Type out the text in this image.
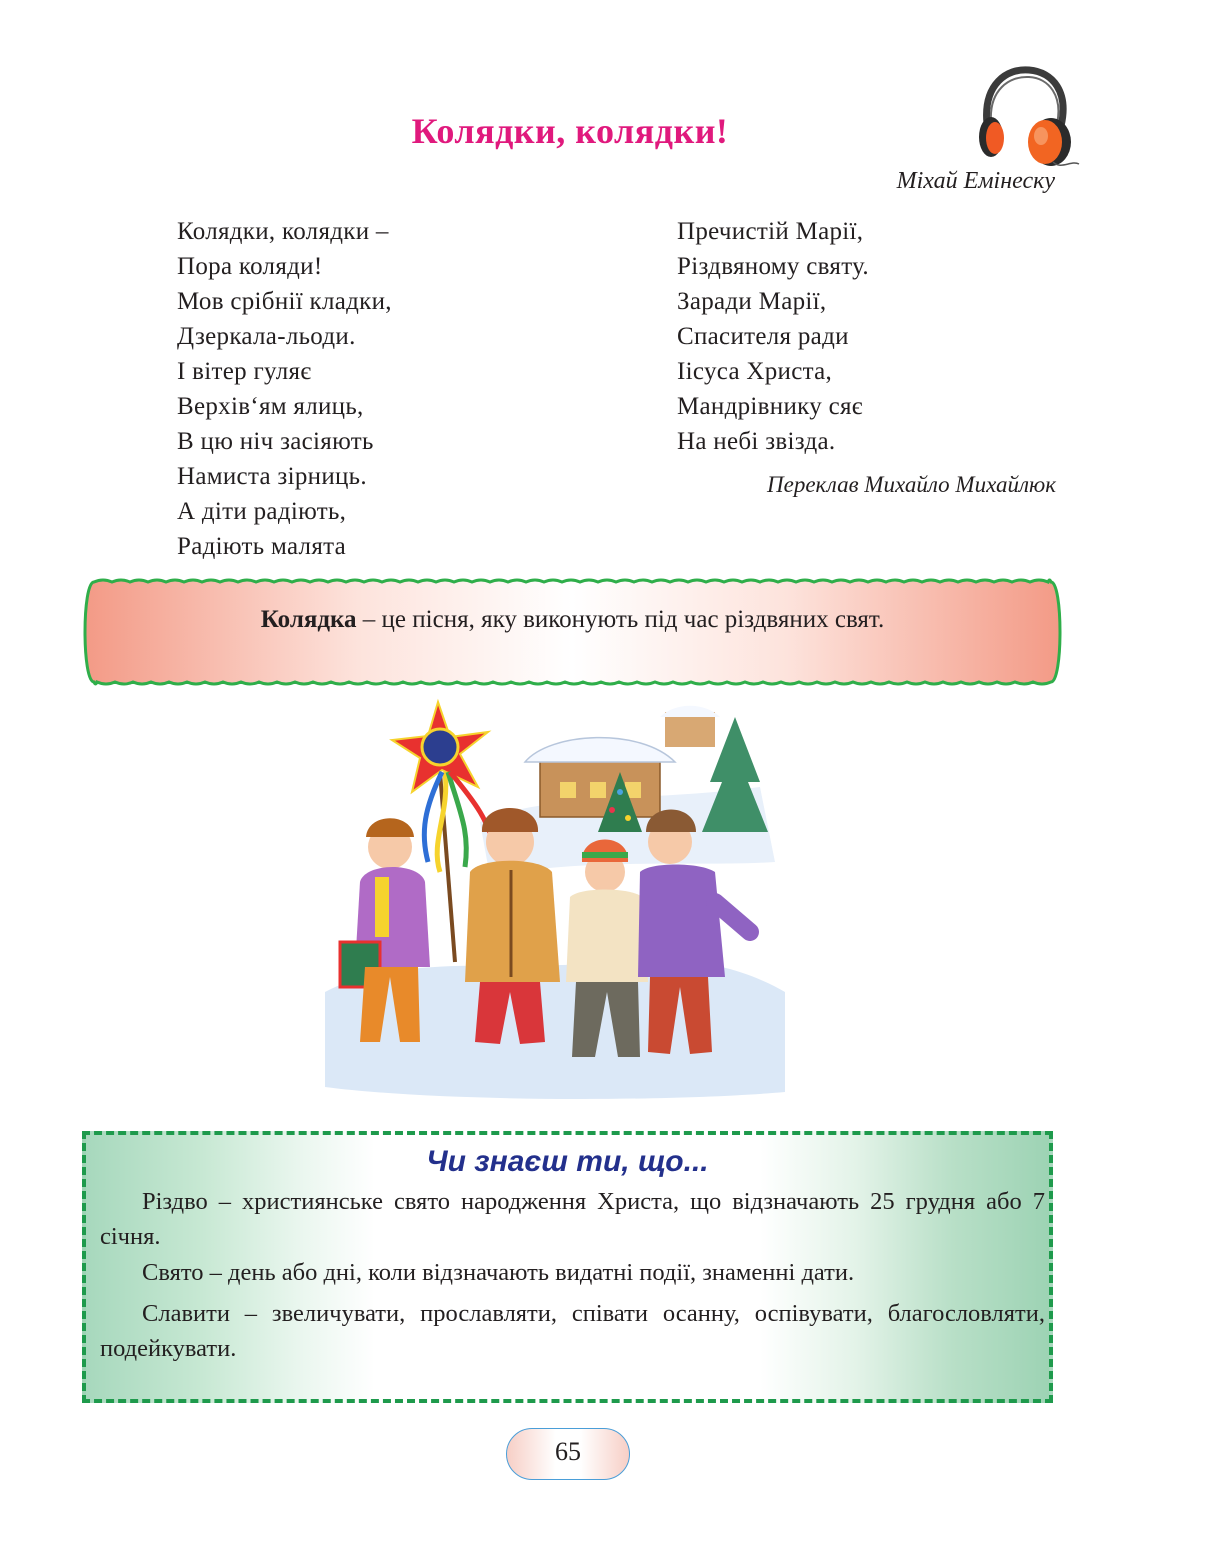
Колядки, колядки!
Міхай Емінеску
Колядки, колядки –
Пора коляди!
Мов срібнії кладки,
Дзеркала-льоди.
І вітер гуляє
Верхів‘ям ялиць,
В цю ніч засіяють
Намиста зірниць.
А діти радіють,
Радіють малята
Пречистій Марії,
Різдвяному святу.
Заради Марії,
Спасителя ради
Іісуса Христа,
Мандрівнику сяє
На небі звізда.
Переклав Михайло Михайлюк
Колядка – це пісня, яку виконують під час різдвяних свят.
Чи знаєш ти, що...
Різдво – християнське свято народження Христа, що відзначають 25 грудня або 7 січня.
Свято – день або дні, коли відзначають видатні події, знаменні дати.
Славити – звеличувати, прославляти, співати осанну, оспівувати, благословляти, подейкувати.
65
